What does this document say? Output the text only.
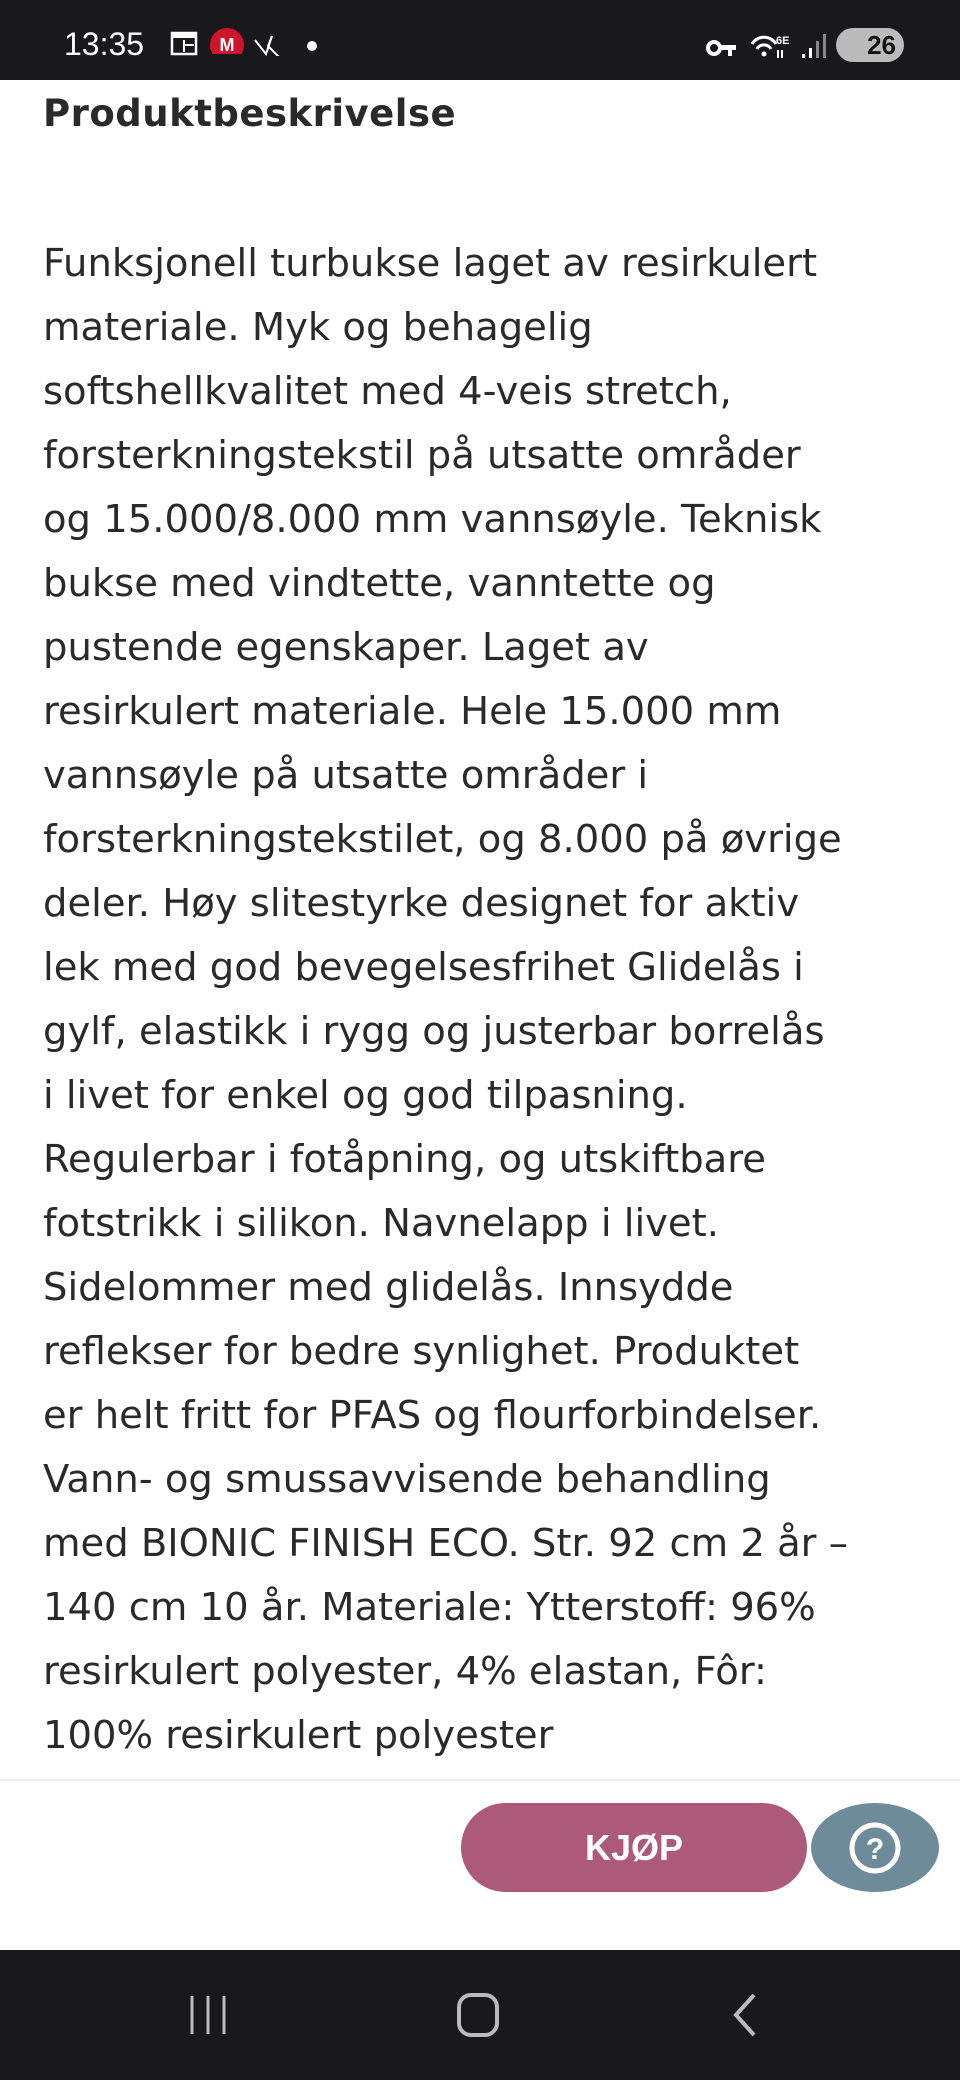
13:35	M	6E	26
Produktbeskrivelse
Funksjonell turbukse laget av resirkulert
materiale. Myk og behagelig
softshellkvalitet med 4-veis stretch,
forsterkningstekstil på utsatte områder
og 15.000/8.000 mm vannsøyle. Teknisk
bukse med vindtette, vanntette og
pustende egenskaper. Laget av
resirkulert materiale. Hele 15.000 mm
vannsøyle på utsatte områder i
forsterkningstekstilet, og 8.000 på øvrige
deler. Høy slitestyrke designet for aktiv
lek med god bevegelsesfrihet Glidelås i
gylf, elastikk i rygg og justerbar borrelås
i livet for enkel og god tilpasning.
Regulerbar i fotåpning, og utskiftbare
fotstrikk i silikon. Navnelapp i livet.
Sidelommer med glidelås. Innsydde
reflekser for bedre synlighet. Produktet
er helt fritt for PFAS og flourforbindelser.
Vann- og smussavvisende behandling
med BIONIC FINISH ECO. Str. 92 cm 2 år –
140 cm 10 år. Materiale: Ytterstoff: 96%
resirkulert polyester, 4% elastan, Fôr:
100% resirkulert polyester
KJØP	?
